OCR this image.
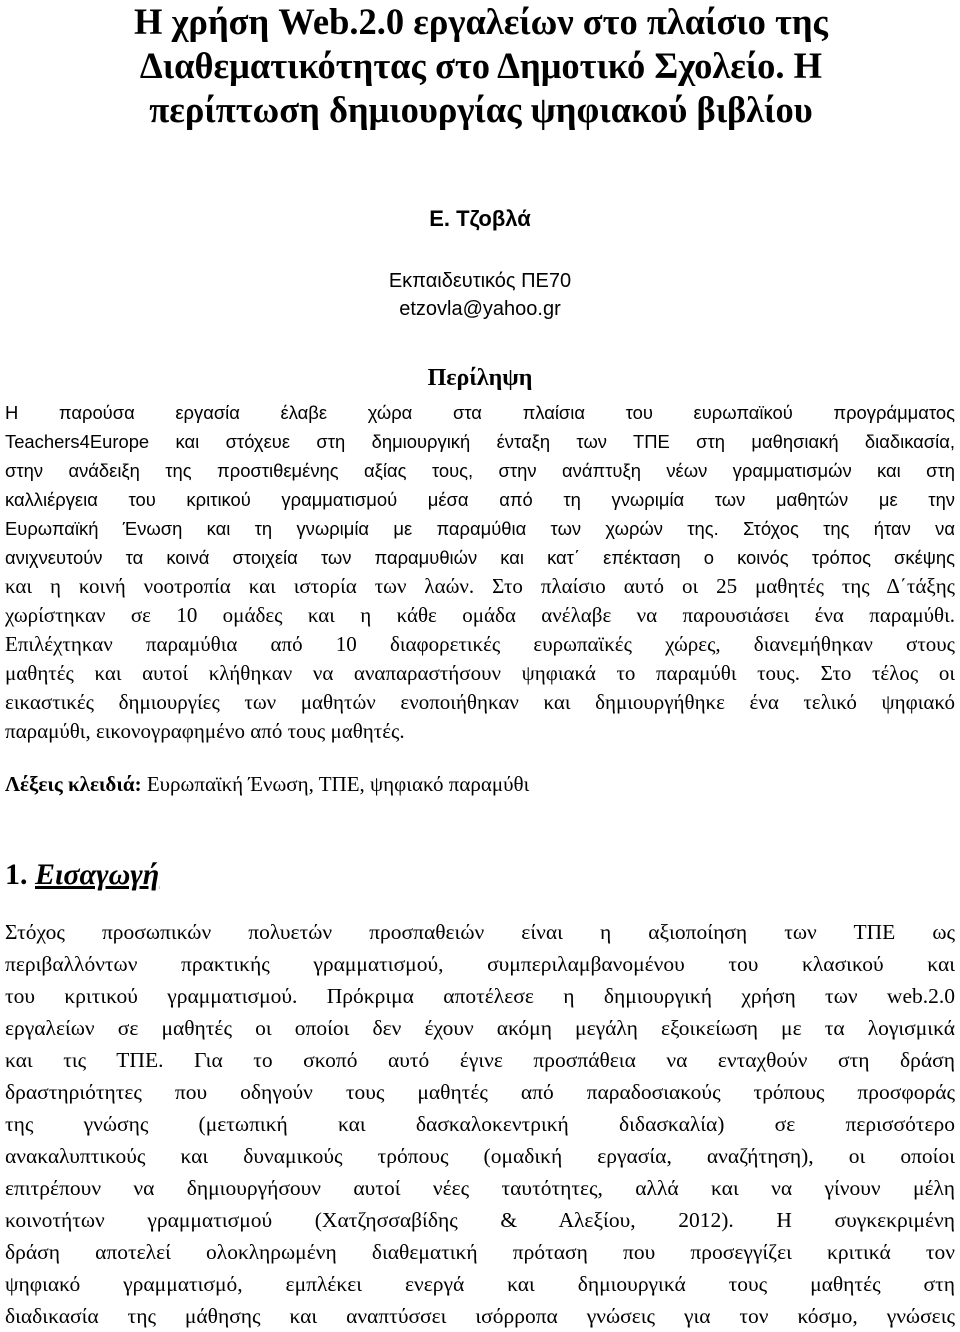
Η χρήση Web.2.0 εργαλείων στο πλαίσιο της
Διαθεματικότητας στο Δημοτικό Σχολείο. Η
περίπτωση δημιουργίας ψηφιακού βιβλίου
Ε. Τζοβλά
Εκπαιδευτικός ΠΕ70
etzovla@yahoo.gr
Περίληψη
Η παρούσα εργασία έλαβε χώρα στα πλαίσια του ευρωπαϊκού προγράμματος
Teachers4Europe και στόχευε στη δημιουργική ένταξη των ΤΠΕ στη μαθησιακή διαδικασία,
στην ανάδειξη της προστιθεμένης αξίας τους, στην ανάπτυξη νέων γραμματισμών και στη
καλλιέργεια του κριτικού γραμματισμού μέσα από τη γνωριμία των μαθητών με την
Ευρωπαϊκή Ένωση και τη γνωριμία με παραμύθια των χωρών της. Στόχος της ήταν να
ανιχνευτούν τα κοινά στοιχεία των παραμυθιών και κατ΄ επέκταση ο κοινός τρόπος σκέψης
και η κοινή νοοτροπία και ιστορία των λαών. Στο πλαίσιο αυτό οι 25 μαθητές της Δ΄τάξης
χωρίστηκαν σε 10 ομάδες και η κάθε ομάδα ανέλαβε να παρουσιάσει ένα παραμύθι.
Επιλέχτηκαν παραμύθια από 10 διαφορετικές ευρωπαϊκές χώρες, διανεμήθηκαν στους
μαθητές και αυτοί κλήθηκαν να αναπαραστήσουν ψηφιακά το παραμύθι τους. Στο τέλος οι
εικαστικές δημιουργίες των μαθητών ενοποιήθηκαν και δημιουργήθηκε ένα τελικό ψηφιακό
παραμύθι, εικονογραφημένο από τους μαθητές.
Λέξεις κλειδιά: Ευρωπαϊκή Ένωση, ΤΠΕ, ψηφιακό παραμύθι
1. Εισαγωγή
Στόχος προσωπικών πολυετών προσπαθειών είναι η αξιοποίηση των ΤΠΕ ως
περιβαλλόντων πρακτικής γραμματισμού, συμπεριλαμβανομένου του κλασικού και
του κριτικού γραμματισμού. Πρόκριμα αποτέλεσε η δημιουργική χρήση των web.2.0
εργαλείων σε μαθητές οι οποίοι δεν έχουν ακόμη μεγάλη εξοικείωση με τα λογισμικά
και τις ΤΠΕ. Για το σκοπό αυτό έγινε προσπάθεια να ενταχθούν στη δράση
δραστηριότητες που οδηγούν τους μαθητές από παραδοσιακούς τρόπους προσφοράς
της γνώσης (μετωπική και δασκαλοκεντρική διδασκαλία) σε περισσότερο
ανακαλυπτικούς και δυναμικούς τρόπους (ομαδική εργασία, αναζήτηση), οι οποίοι
επιτρέπουν να δημιουργήσουν αυτοί νέες ταυτότητες, αλλά και να γίνουν μέλη
κοινοτήτων γραμματισμού (Χατζησσαβίδης & Αλεξίου, 2012). Η συγκεκριμένη
δράση αποτελεί ολοκληρωμένη διαθεματική πρόταση που προσεγγίζει κριτικά τον
ψηφιακό γραμματισμό, εμπλέκει ενεργά και δημιουργικά τους μαθητές στη
διαδικασία της μάθησης και αναπτύσσει ισόρροπα γνώσεις για τον κόσμο, γνώσεις
